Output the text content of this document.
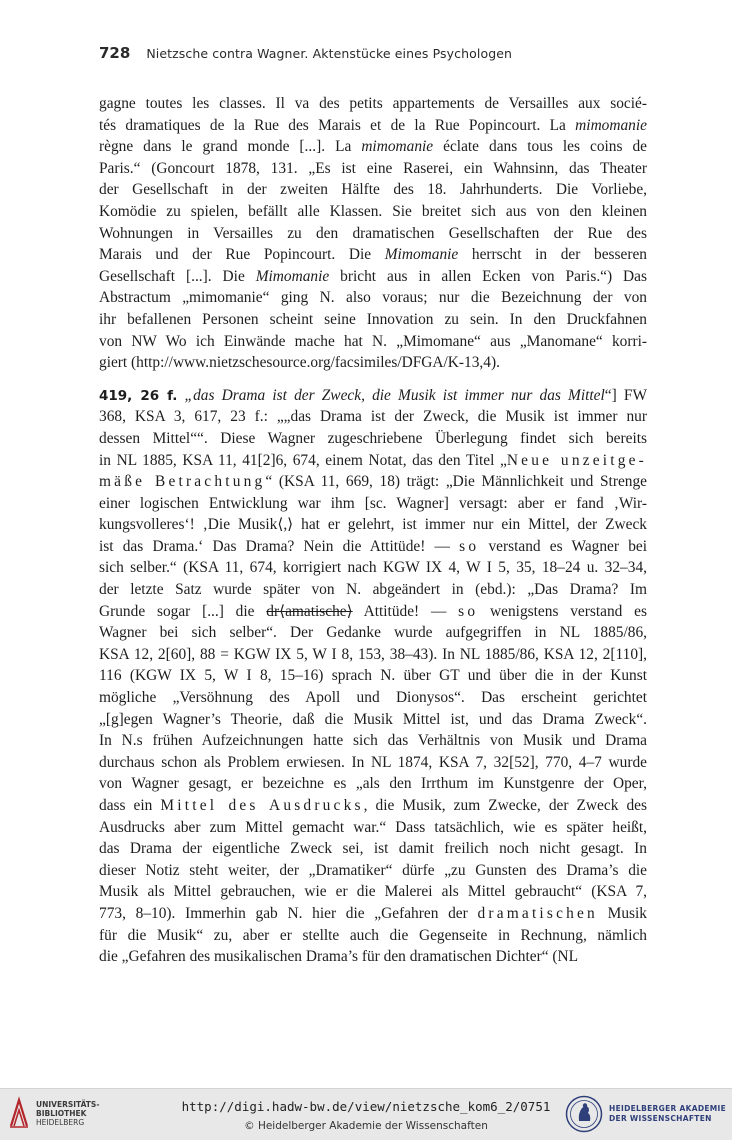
728 Nietzsche contra Wagner. Aktenstücke eines Psychologen
gagne toutes les classes. Il va des petits appartements de Versailles aux socié-
tés dramatiques de la Rue des Marais et de la Rue Popincourt. La mimomanie
règne dans le grand monde [...]. La mimomanie éclate dans tous les coins de
Paris.“ (Goncourt 1878, 131. „Es ist eine Raserei, ein Wahnsinn, das Theater
der Gesellschaft in der zweiten Hälfte des 18. Jahrhunderts. Die Vorliebe,
Komödie zu spielen, befällt alle Klassen. Sie breitet sich aus von den kleinen
Wohnungen in Versailles zu den dramatischen Gesellschaften der Rue des
Marais und der Rue Popincourt. Die Mimomanie herrscht in der besseren
Gesellschaft [...]. Die Mimomanie bricht aus in allen Ecken von Paris.“) Das
Abstractum „mimomanie“ ging N. also voraus; nur die Bezeichnung der von
ihr befallenen Personen scheint seine Innovation zu sein. In den Druckfahnen
von NW Wo ich Einwände mache hat N. „Mimomane“ aus „Manomane“ korri-
giert (http://www.nietzschesource.org/facsimiles/DFGA/K-13,4).
419, 26 f. „das Drama ist der Zweck, die Musik ist immer nur das Mittel“] FW
368, KSA 3, 617, 23 f.: „„das Drama ist der Zweck, die Musik ist immer nur
dessen Mittel““. Diese Wagner zugeschriebene Überlegung findet sich bereits
in NL 1885, KSA 11, 41[2]6, 674, einem Notat, das den Titel „Neue unzeitge-
mäße Betrachtung“ (KSA 11, 669, 18) trägt: „Die Männlichkeit und Strenge
einer logischen Entwicklung war ihm [sc. Wagner] versagt: aber er fand ‚Wir-
kungsvolleres‘! ‚Die Musik⟨,⟩ hat er gelehrt, ist immer nur ein Mittel, der Zweck
ist das Drama.‘ Das Drama? Nein die Attitüde! — so verstand es Wagner bei
sich selber.“ (KSA 11, 674, korrigiert nach KGW IX 4, W I 5, 35, 18–24 u. 32–34,
der letzte Satz wurde später von N. abgeändert in (ebd.): „Das Drama? Im
Grunde sogar [...] die dr⟨amatische⟩ Attitüde! — so wenigstens verstand es
Wagner bei sich selber“. Der Gedanke wurde aufgegriffen in NL 1885/86,
KSA 12, 2[60], 88 = KGW IX 5, W I 8, 153, 38–43). In NL 1885/86, KSA 12, 2[110],
116 (KGW IX 5, W I 8, 15–16) sprach N. über GT und über die in der Kunst
mögliche „Versöhnung des Apoll und Dionysos“. Das erscheint gerichtet
„[g]egen Wagner’s Theorie, daß die Musik Mittel ist, und das Drama Zweck“.
In N.s frühen Aufzeichnungen hatte sich das Verhältnis von Musik und Drama
durchaus schon als Problem erwiesen. In NL 1874, KSA 7, 32[52], 770, 4–7 wurde
von Wagner gesagt, er bezeichne es „als den Irrthum im Kunstgenre der Oper,
dass ein Mittel des Ausdrucks, die Musik, zum Zwecke, der Zweck des
Ausdrucks aber zum Mittel gemacht war.“ Dass tatsächlich, wie es später heißt,
das Drama der eigentliche Zweck sei, ist damit freilich noch nicht gesagt. In
dieser Notiz steht weiter, der „Dramatiker“ dürfe „zu Gunsten des Drama’s die
Musik als Mittel gebrauchen, wie er die Malerei als Mittel gebraucht“ (KSA 7,
773, 8–10). Immerhin gab N. hier die „Gefahren der dramatischen Musik
für die Musik“ zu, aber er stellte auch die Gegenseite in Rechnung, nämlich
die „Gefahren des musikalischen Drama’s für den dramatischen Dichter“ (NL
UNIVERSITÄTS-
BIBLIOTHEK
HEIDELBERG
http://digi.hadw-bw.de/view/nietzsche_kom6_2/0751
© Heidelberger Akademie der Wissenschaften
HEIDELBERGER AKADEMIE
DER WISSENSCHAFTEN
